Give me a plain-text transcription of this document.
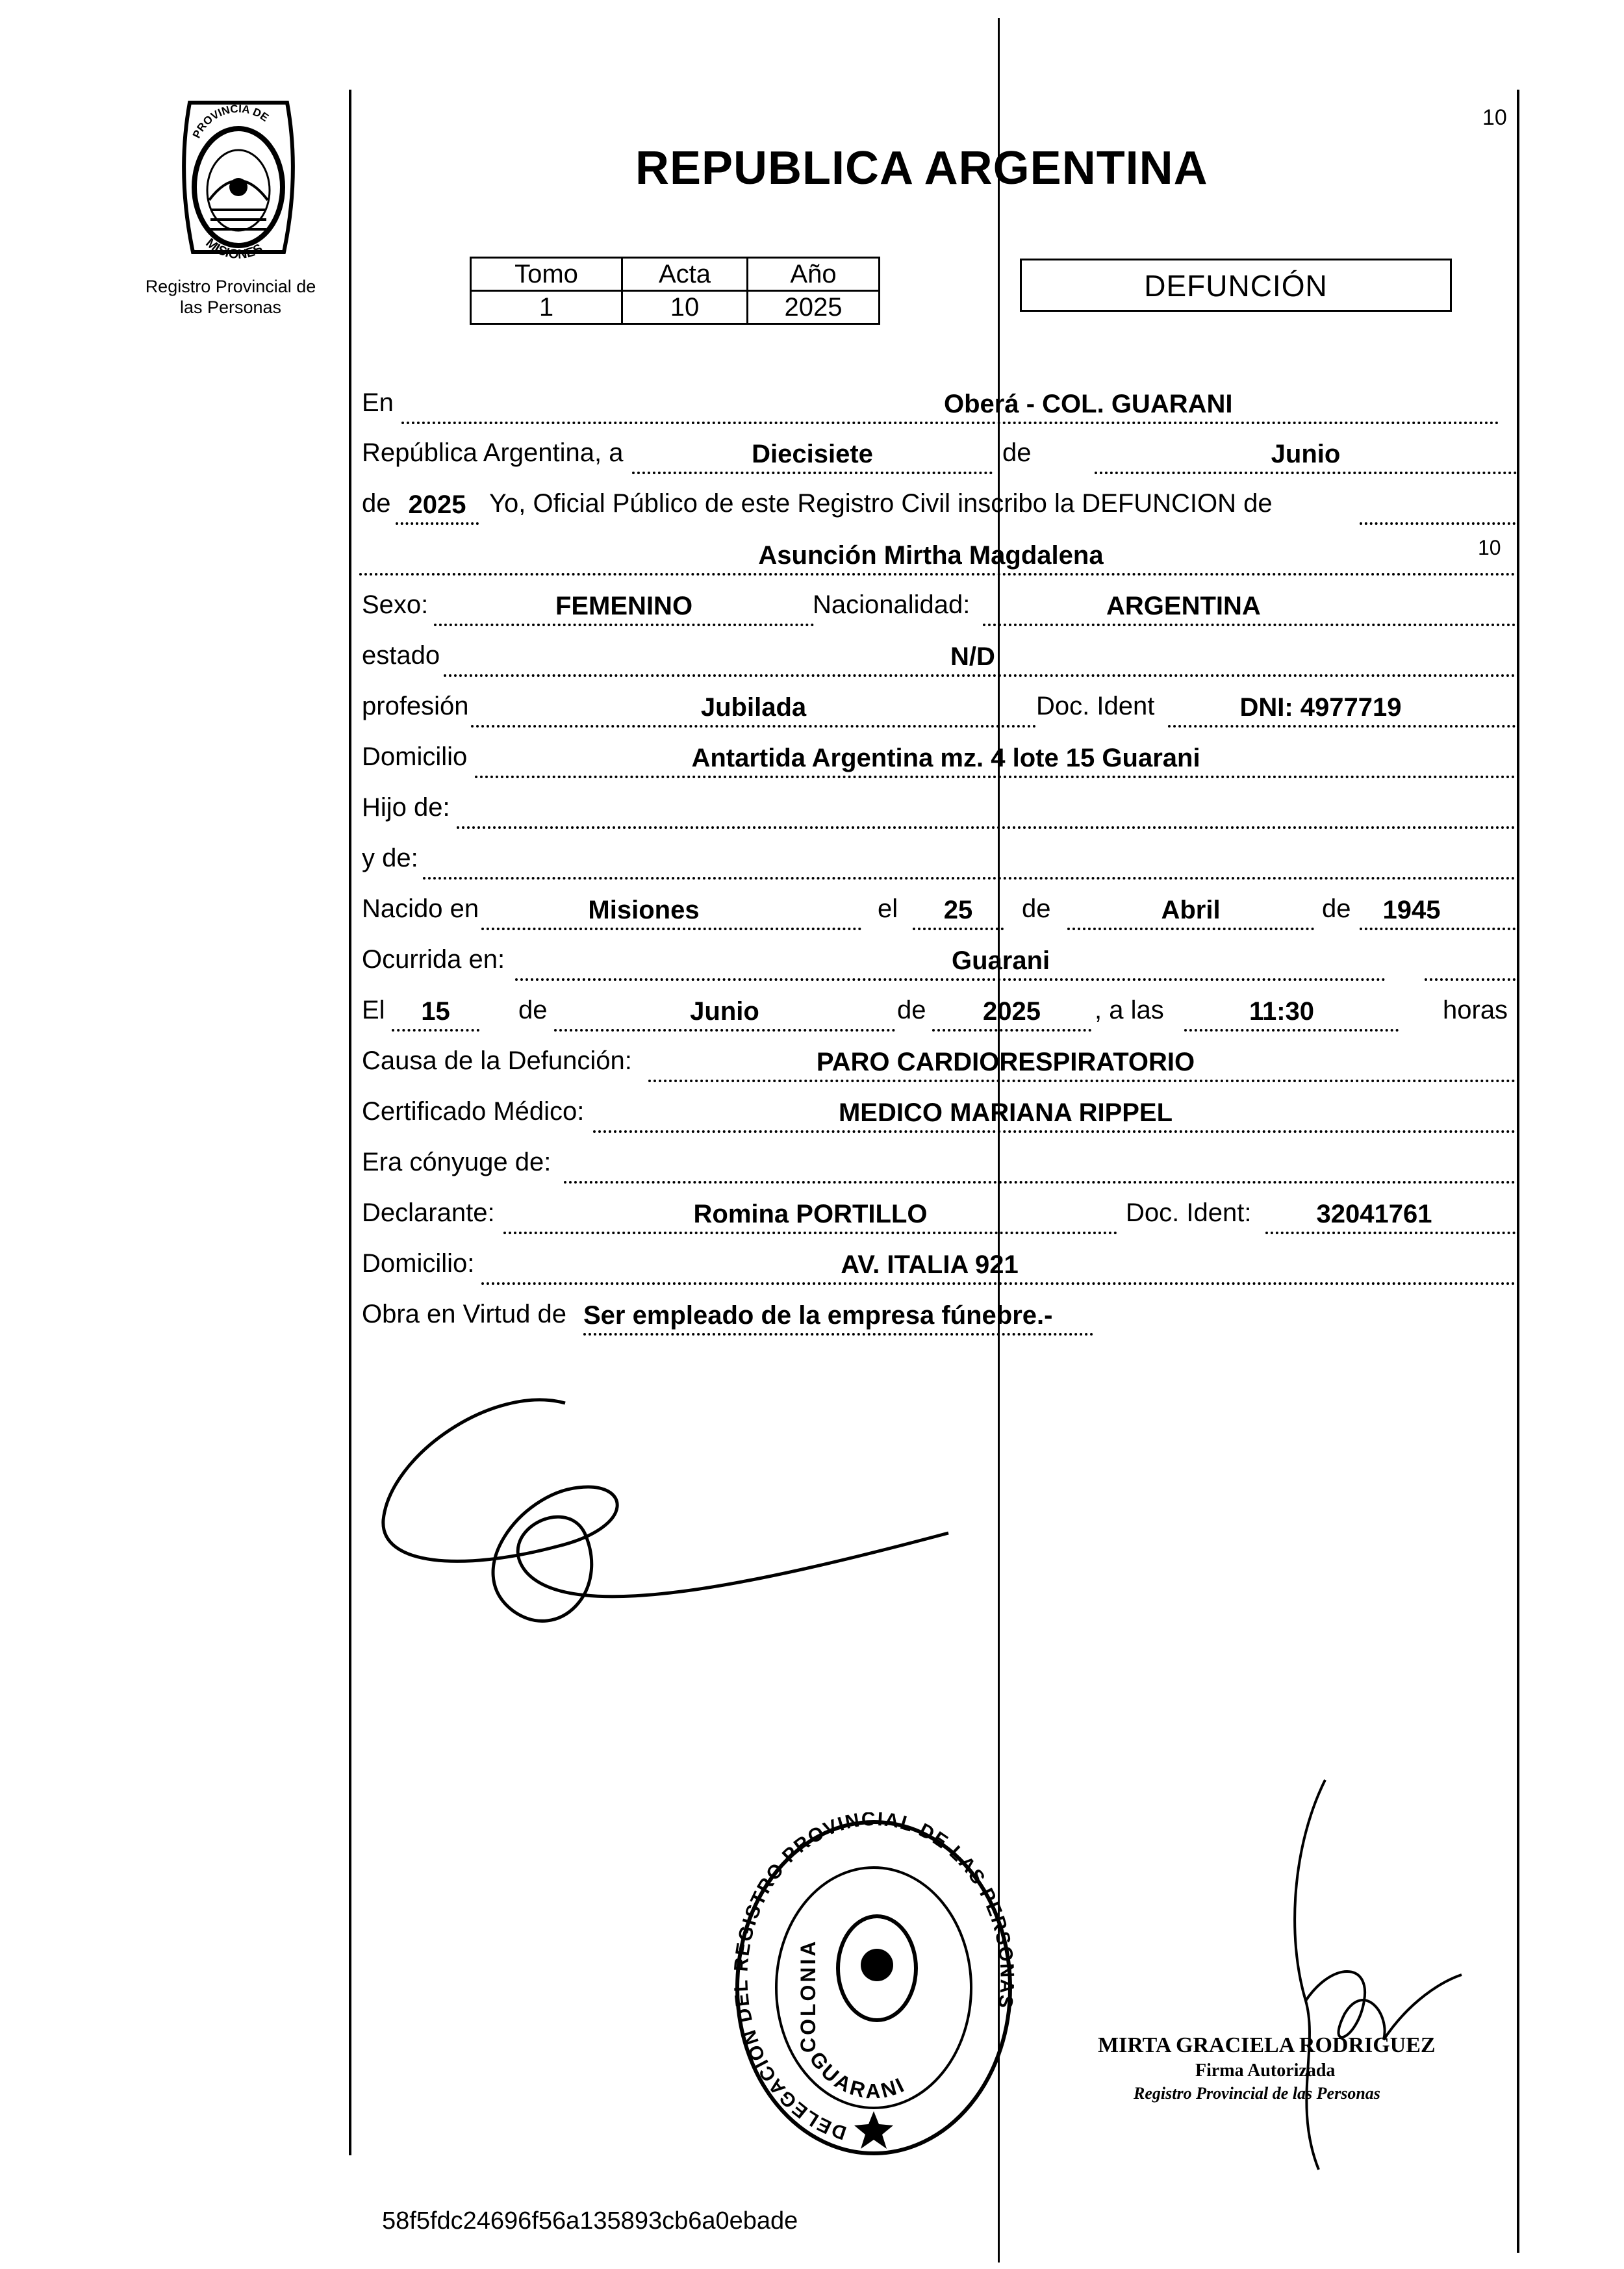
PROVINCIA DE
MISIONES
Registro Provincial de
las Personas
10
REPUBLICA ARGENTINA
Tomo	Acta	Año
1	10	2025
DEFUNCIÓN
En	Oberá - COL. GUARANI
República Argentina, a	Diecisiete	de	Junio
de 2025 Yo, Oficial Público de este Registro Civil inscribo la DEFUNCION de
Asunción Mirtha Magdalena	10
Sexo:	FEMENINO	Nacionalidad:	ARGENTINA
estado	N/D
profesión	Jubilada	Doc. Ident	DNI: 4977719
Domicilio	Antartida Argentina mz. 4 lote 15 Guarani
Hijo de:
y de:
Nacido en	Misiones	el	25	de	Abril	de	1945
Ocurrida en:	Guarani
El	15	de	Junio	de	2025	, a las	11:30	horas
Causa de la Defunción:	PARO CARDIORESPIRATORIO
Certificado Médico:	MEDICO MARIANA RIPPEL
Era cónyuge de:
Declarante:	Romina PORTILLO	Doc. Ident:	32041761
Domicilio:	AV. ITALIA 921
Obra en Virtud de Ser empleado de la empresa fúnebre.-
DELEGACION DEL REGISTRO PROVINCIAL DE LAS PERSONAS
COLONIA
GUARANI
MIRTA GRACIELA RODRIGUEZ
Firma Autorizada
Registro Provincial de las Personas
58f5fdc24696f56a135893cb6a0ebade
